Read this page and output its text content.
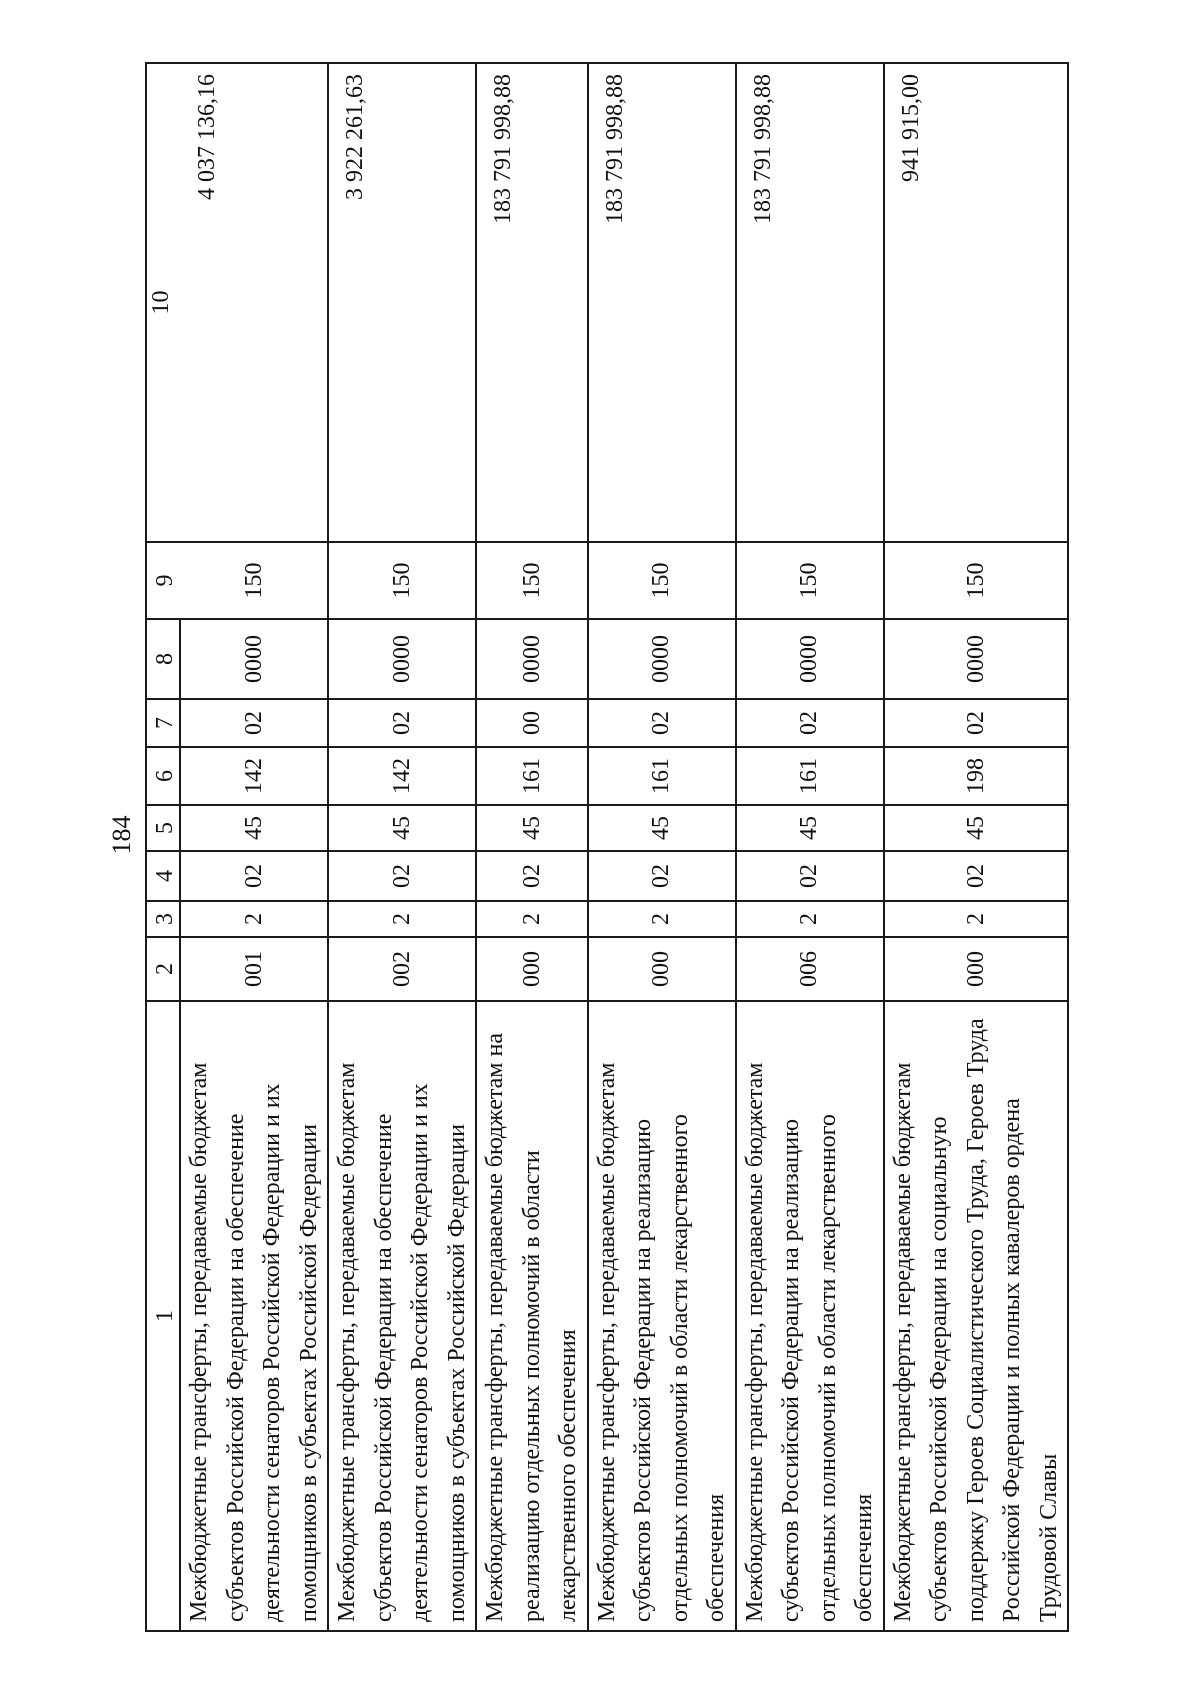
184
1	2	3	4	5	6	7	8	9	10
Межбюджетные трансферты, передаваемые бюджетам субъектов Российской Федерации на обеспечение деятельности сенаторов Российской Федерации и их помощников в субъектах Российской Федерации	001	2	02	45	142	02	0000	150	4 037 136,16
Межбюджетные трансферты, передаваемые бюджетам субъектов Российской Федерации на обеспечение деятельности сенаторов Российской Федерации и их помощников в субъектах Российской Федерации	002	2	02	45	142	02	0000	150	3 922 261,63
Межбюджетные трансферты, передаваемые бюджетам на реализацию отдельных полномочий в области лекарственного обеспечения	000	2	02	45	161	00	0000	150	183 791 998,88
Межбюджетные трансферты, передаваемые бюджетам субъектов Российской Федерации на реализацию отдельных полномочий в области лекарственного обеспечения	000	2	02	45	161	02	0000	150	183 791 998,88
Межбюджетные трансферты, передаваемые бюджетам субъектов Российской Федерации на реализацию отдельных полномочий в области лекарственного обеспечения	006	2	02	45	161	02	0000	150	183 791 998,88
Межбюджетные трансферты, передаваемые бюджетам субъектов Российской Федерации на социальную поддержку Героев Социалистического Труда, Героев Труда Российской Федерации и полных кавалеров ордена Трудовой Славы	000	2	02	45	198	02	0000	150	941 915,00
